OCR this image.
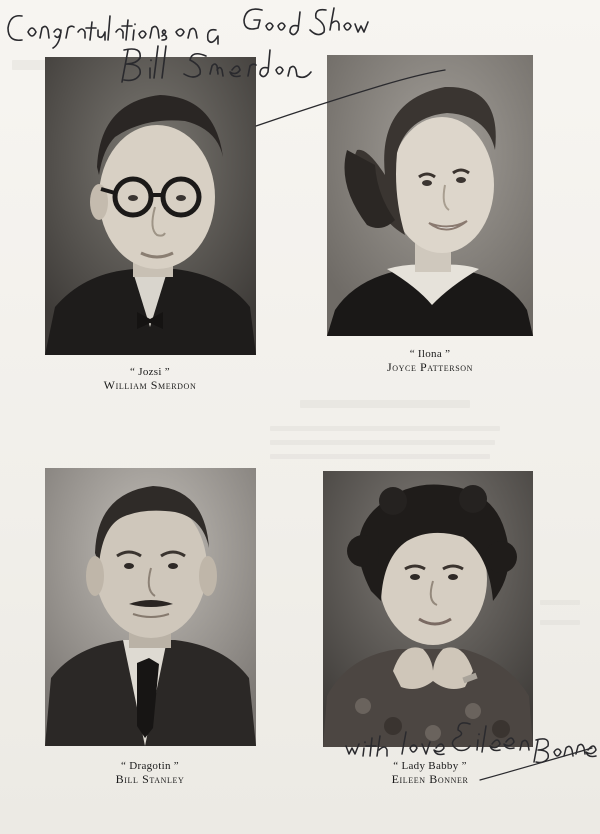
“ Jozsi ”
William Smerdon
“ Ilona ”
Joyce Patterson
“ Dragotin ”
Bill Stanley
“ Lady Babby ”
Eileen Bonner
